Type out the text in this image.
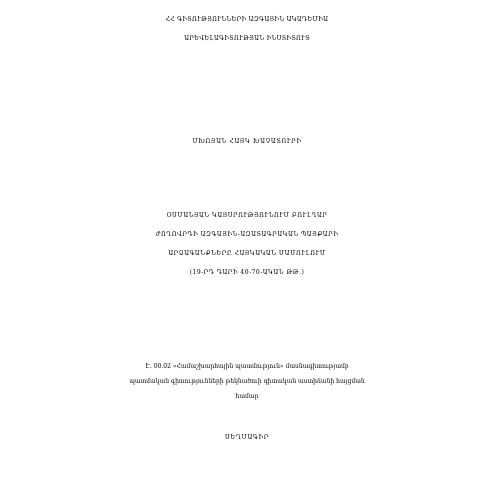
ՀՀ ԳԻՏՈՒԹՅՈՒՆՆԵՐԻ ԱԶԳԱՅԻՆ ԱԿԱԴԵՄԻԱ
ԱՐԵՎԵԼԱԳԻՏՈՒԹՅԱՆ ԻՆՍՏԻՏՈՒՏ
ՄԽՈՅԱՆ ՀԱՅԿ ԽԱՉԱՏՈՒՐԻ
ՕՍՄԱՆՅԱՆ ԿԱՅՍՐՈՒԹՅՈՒՆՈՒՄ ԲՈՒԼՂԱՐ
ԺՈՂՈՎՐԴԻ ԱԶԳԱՅԻՆ-ԱԶԱՏԱԳՐԱԿԱՆ ՊԱՅՔԱՐԻ
ԱՐՁԱԳԱՆՔՆԵՐԸ ՀԱՅԿԱԿԱՆ ՄԱՄՈՒԼՈՒՄ
(19-ՐԴ ԴԱՐԻ 40-70-ԱԿԱՆ ԹԹ.)
Է. 00.02 «Համաշխարհային պատմություն» մասնագիտությամբ
պատմական գիտությունների թեկնածուի գիտական աստիճանի հայցման
համար
ՍԵՂՄԱԳԻՐ
